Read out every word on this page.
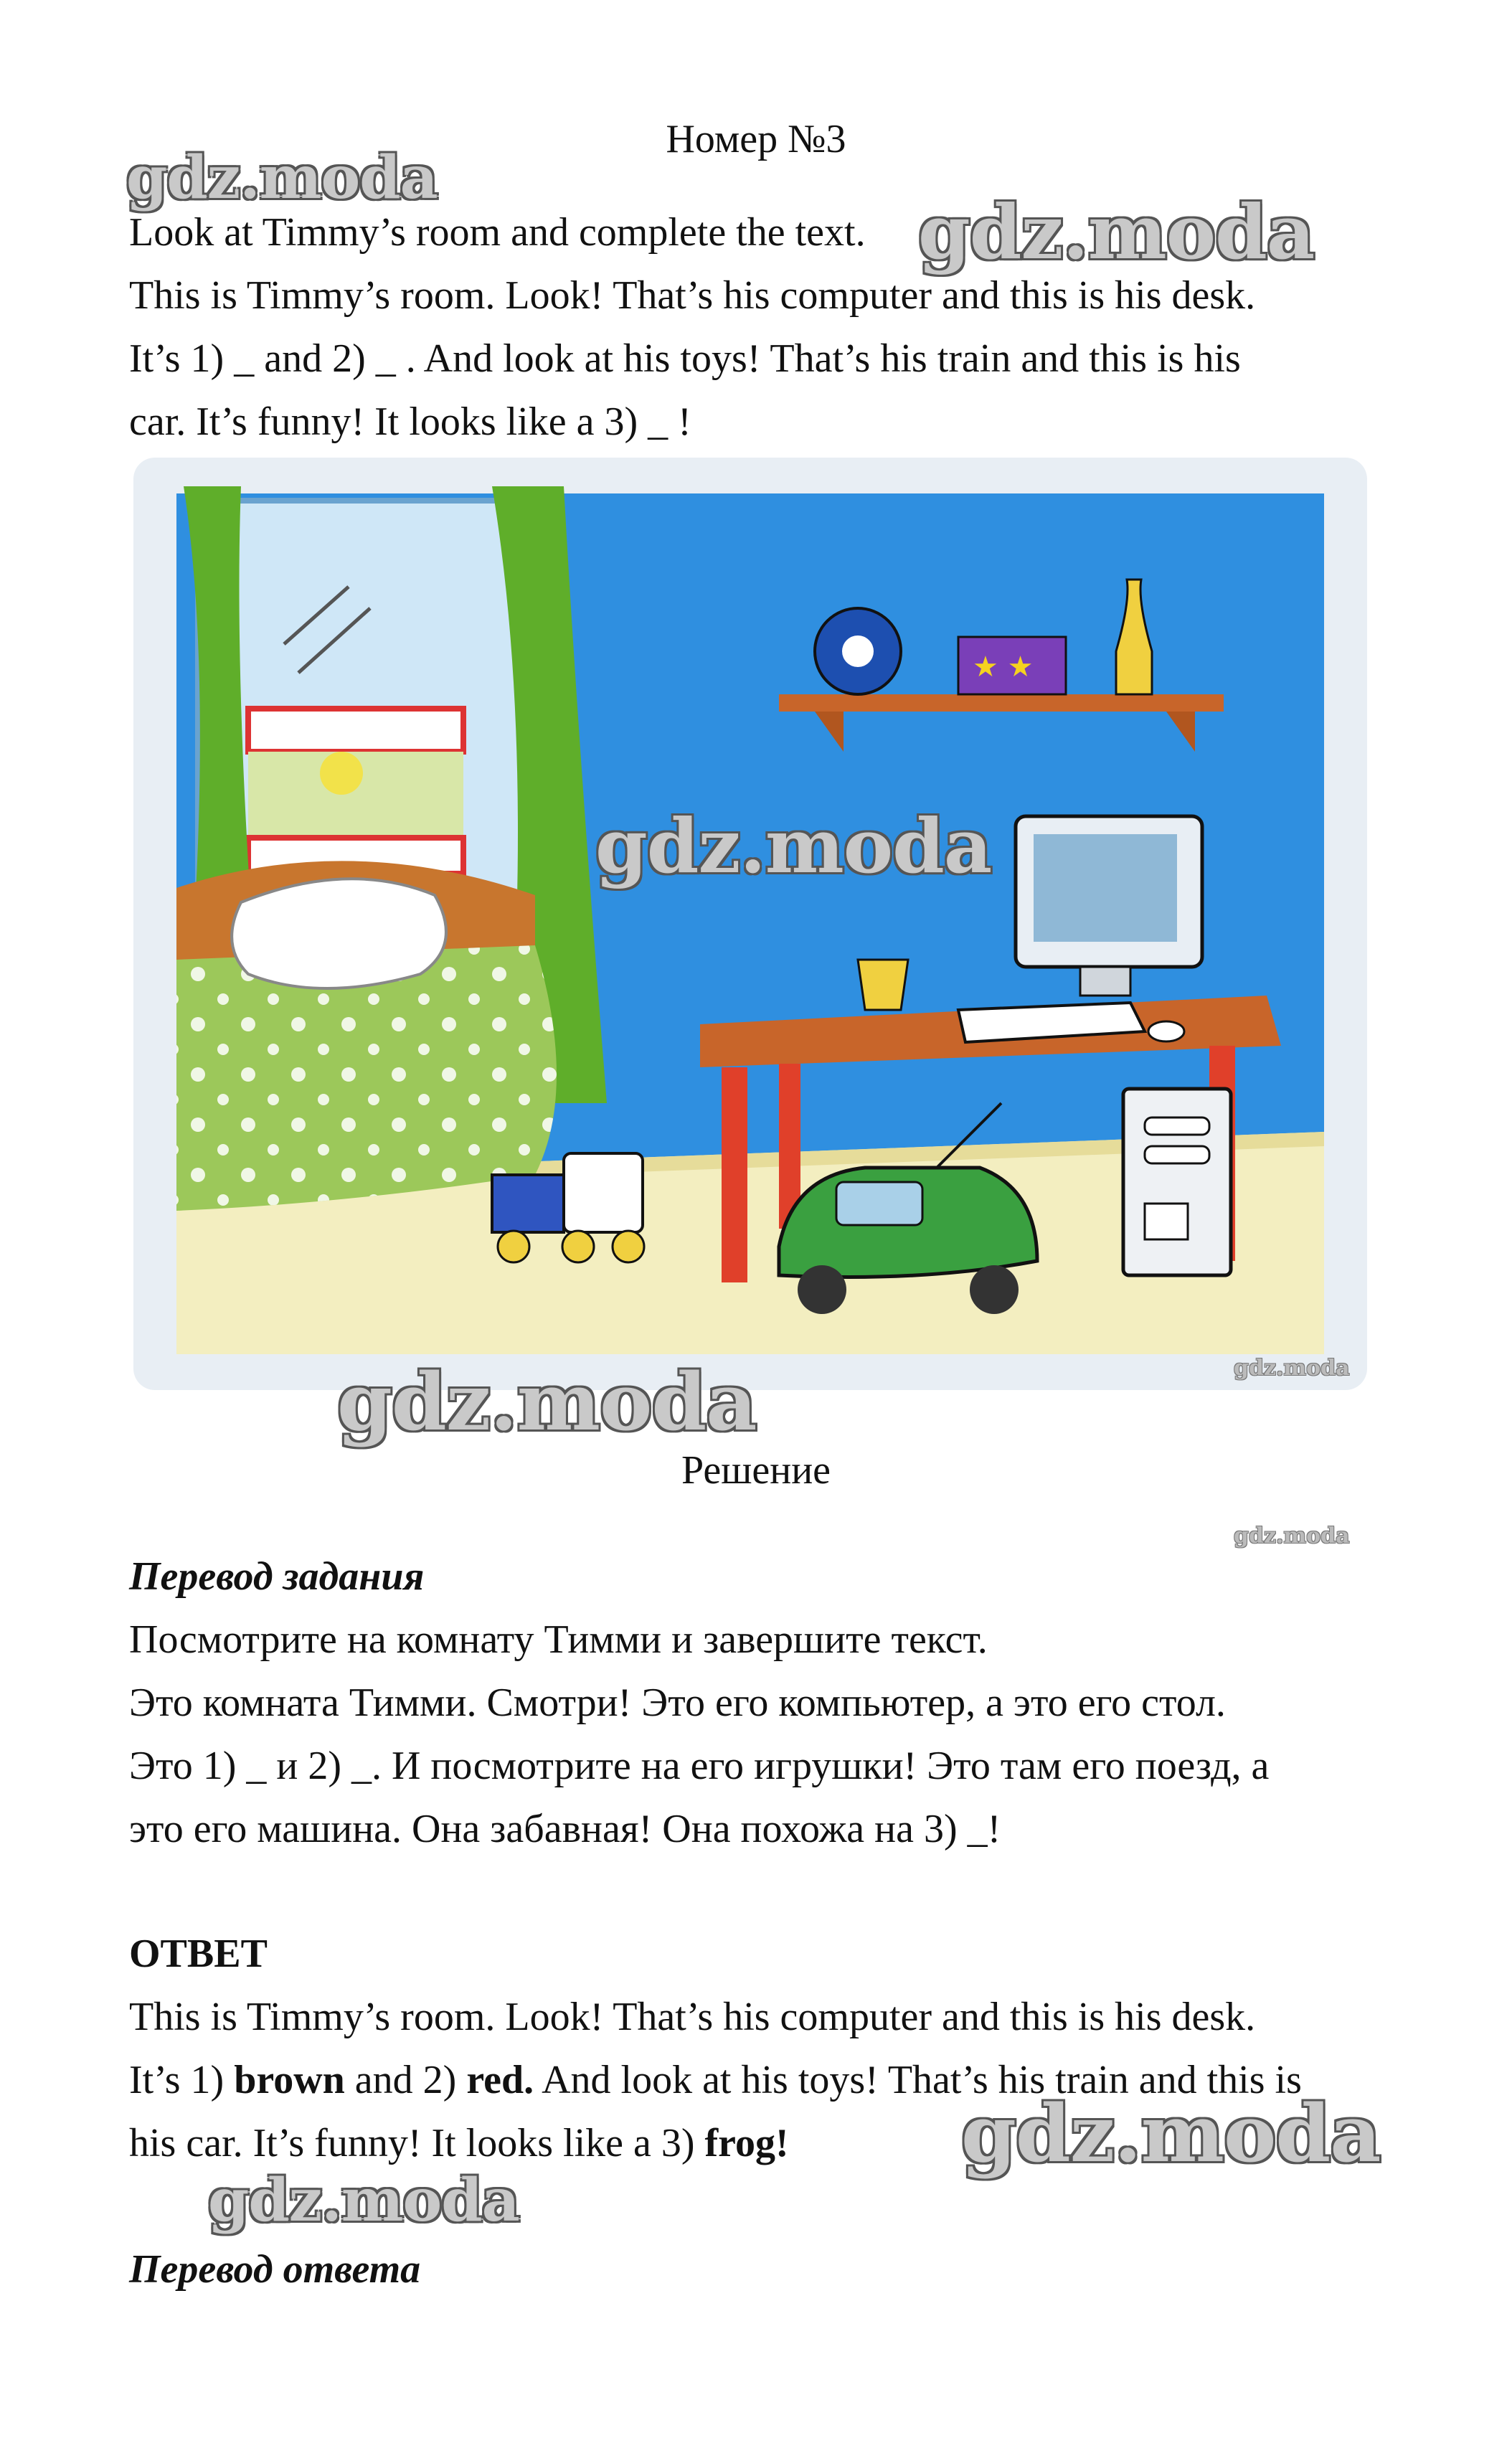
Номер №3
Look at Timmy’s room and complete the text.
This is Timmy’s room. Look! That’s his computer and this is his desk.
It’s 1) _ and 2) _ . And look at his toys! That’s his train and this is his
car. It’s funny! It looks like a 3) _ !
★ ★
Решение
Перевод задания
Посмотрите на комнату Тимми и завершите текст.
Это комната Тимми. Смотри! Это его компьютер, а это его стол.
Это 1) _ и 2) _. И посмотрите на его игрушки! Это там его поезд, а
это его машина. Она забавная! Она похожа на 3) _!
ОТВЕТ
This is Timmy’s room. Look! That’s his computer and this is his desk.
It’s 1) brown and 2) red. And look at his toys! That’s his train and this is
his car. It’s funny! It looks like a 3) frog!
Перевод ответа
gdz.moda
gdz.moda
gdz.moda
gdz.moda	gdz.moda
gdz.moda
gdz.moda
gdz.moda
